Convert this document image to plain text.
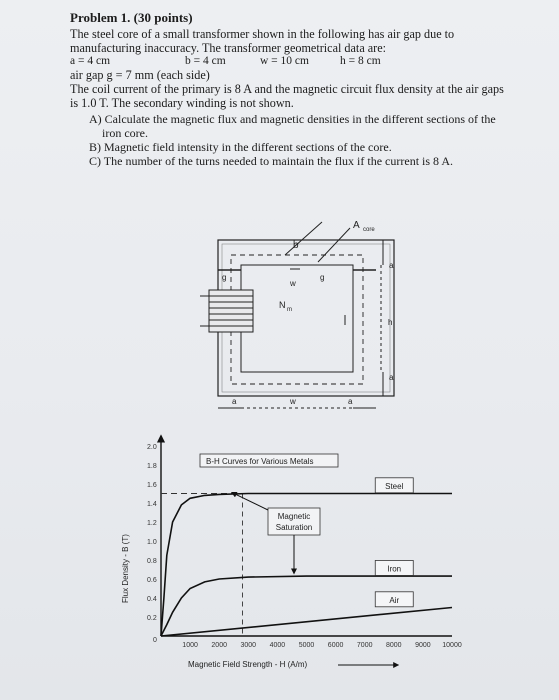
Problem 1. (30 points)

The steel core of a small transformer shown in the following has air gap due to

manufacturing inaccuracy. The transformer geometrical data are:

a = 4 cm	b = 4 cm	w = 10 cm	h = 8 cm

air gap g = 7 mm (each side)

The coil current of the primary is 8 A and the magnetic circuit flux density at the air gaps

is 1.0 T. The secondary winding is not shown.

A) Calculate the magnetic flux and magnetic densities in the different sections of the
iron core.
B) Magnetic field intensity in the different sections of the core.
C) The number of the turns needed to maintain the flux if the current is 8 A.
A core
b
g	g
w
N m
a
h
a
a	w	a
2.0
1.8
1.6
1.4
1.2
1.0
0.8
0.6
0.4
0.2
0
1000 2000 3000 4000 5000 6000 7000 8000 9000 10000
Magnetic Field Strength - H (A/m)
Flux Density - B (T)
B-H Curves for Various Metals
Steel
Iron
Air
Magnetic
Saturation
